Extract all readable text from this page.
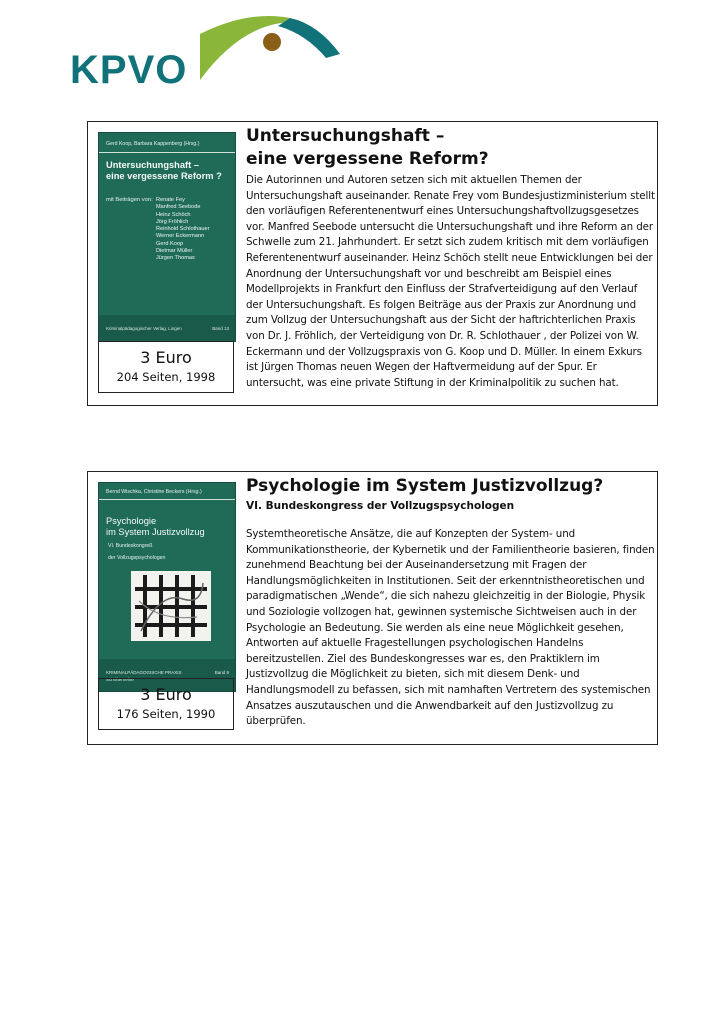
KPVO
Gerd Koop, Barbara Kappenberg (Hrsg.)
Untersuchungshaft –
eine vergessene Reform ?
mit Beiträgen von: Renate Fey
Manfred Seebode
Heinz Schöch
Jörg Fröhlich
Reinhold Schlothauer
Werner Eckermann
Gerd Koop
Dietmar Müller
Jürgen Thomas
Kriminalpädagogischer Verlag, Lingen	Band 13
3 Euro
204 Seiten, 1998
Untersuchungshaft –
eine vergessene Reform?

Die Autorinnen und Autoren setzen sich mit aktuellen Themen der Untersuchungshaft auseinander. Renate Frey vom Bundesjustizministerium stellt den vorläufigen Referentenentwurf eines Untersuchungshaftvollzugsgesetzes vor. Manfred Seebode untersucht die Untersuchungshaft und ihre Reform an der Schwelle zum 21. Jahrhundert. Er setzt sich zudem kritisch mit dem vorläufigen Referentenentwurf auseinander. Heinz Schöch stellt neue Entwicklungen bei der Anordnung der Untersuchungshaft vor und beschreibt am Beispiel eines Modellprojekts in Frankfurt den Einfluss der Strafverteidigung auf den Verlauf der Untersuchungshaft. Es folgen Beiträge aus der Praxis zur Anordnung und zum Vollzug der Untersuchungshaft aus der Sicht der haftrichterlichen Praxis von Dr. J. Fröhlich, der Verteidigung von Dr. R. Schlothauer , der Polizei von W. Eckermann und der Vollzugspraxis von G. Koop und D. Müller. In einem Exkurs ist Jürgen Thomas neuen Wegen der Haftvermeidung auf der Spur. Er untersucht, was eine private Stiftung in der Kriminalpolitik zu suchen hat.

Bernd Wischka, Christine Beckers (Hrsg.)
Psychologie
im System Justizvollzug
VI. Bundeskongreß
der Vollzugspsychologen
KRIMINALPÄDAGOGISCHE PRAXIS
Schriftenreihe
Band 9
3 Euro
176 Seiten, 1990
Psychologie im System Justizvollzug?
VI. Bundeskongress der Vollzugspsychologen

Systemtheoretische Ansätze, die auf Konzepten der System- und Kommunikationstheorie, der Kybernetik und der Familientheorie basieren, finden zunehmend Beachtung bei der Auseinandersetzung mit Fragen der Handlungsmöglichkeiten in Institutionen. Seit der erkenntnistheoretischen und paradigmatischen „Wende“, die sich nahezu gleichzeitig in der Biologie, Physik und Soziologie vollzogen hat, gewinnen systemische Sichtweisen auch in der Psychologie an Bedeutung. Sie werden als eine neue Möglichkeit gesehen, Antworten auf aktuelle Fragestellungen psychologischen Handelns bereitzustellen. Ziel des Bundeskongresses war es, den Praktiklern im Justizvollzug die Möglichkeit zu bieten, sich mit diesem Denk- und Handlungsmodell zu befassen, sich mit namhaften Vertretern des systemischen Ansatzes auszutauschen und die Anwendbarkeit auf den Justizvollzug zu überprüfen.
